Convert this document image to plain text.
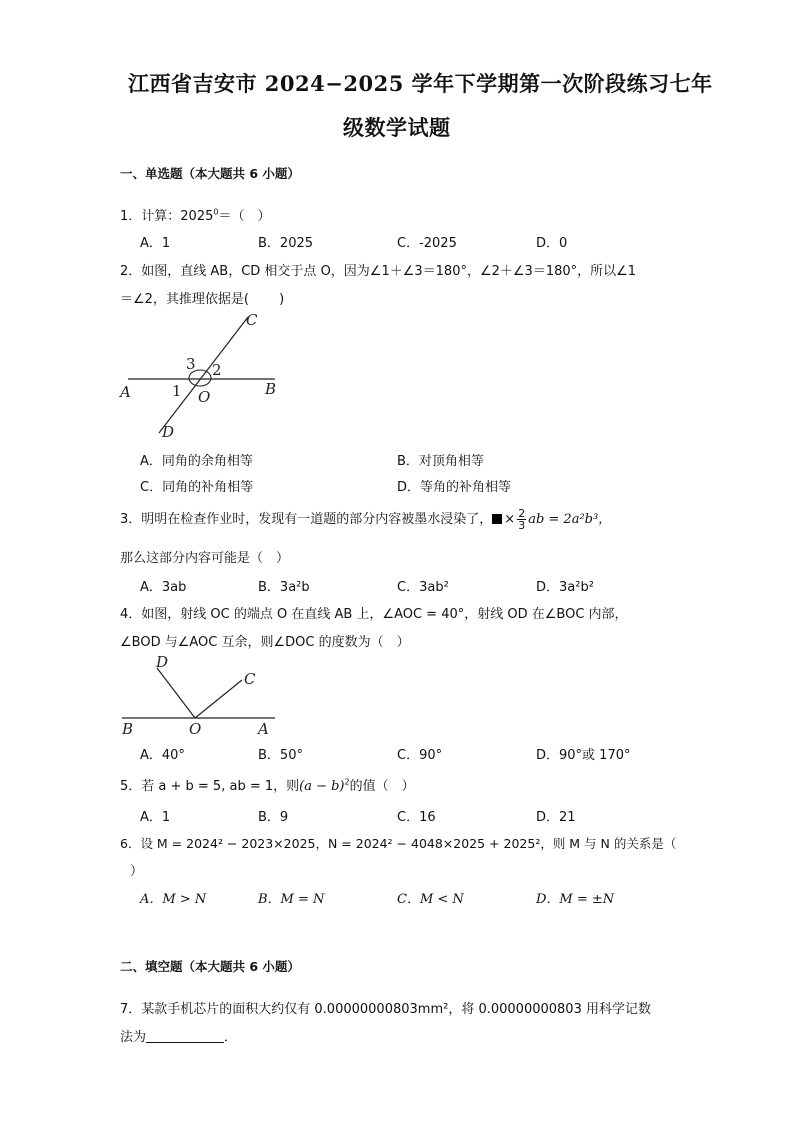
江西省吉安市 2024−2025 学年下学期第一次阶段练习七年
级数学试题
一、单选题（本大题共 6 小题）
1．计算：$2025^0=$（　）
A．1	B．2025	C．-2025	D．0
2．如图，直线 AB，CD 相交于点 O，因为∠1＋∠3＝180°，∠2＋∠3＝180°，所以∠1
＝∠2，其推理依据是(　　 )
A	B
C
D
O
1
2
3
A．同角的余角相等	B．对顶角相等
C．同角的补角相等	D．等角的补角相等
3．明明在检查作业时，发现有一道题的部分内容被墨水浸染了， × $\frac{2}{3}$ ab = 2a²b³，
那么这部分内容可能是（　）
A．3ab	B．3a²b	C．3ab²	D．3a²b²
4．如图，射线 OC 的端点 O 在直线 AB 上，∠AOC = 40°，射线 OD 在∠BOC 内部，
∠BOD 与∠AOC 互余，则∠DOC 的度数为（　）
D
C
B	O	A
A．40°	B．50°	C．90°	D．90°或 170°
5．若 a + b = 5, ab = 1，则$(a - b)^2$的值（　）
A．1	B．9	C．16	D．21
6．设 M = 2024² − 2023×2025，N = 2024² − 4048×2025 + 2025²，则 M 与 N 的关系是（
）
A．M > N	B．M = N	C．M < N	D．M = ±N
二、填空题（本大题共 6 小题）
7．某款手机芯片的面积大约仅有 0.00000000803mm²，将 0.00000000803 用科学记数
法为	．
